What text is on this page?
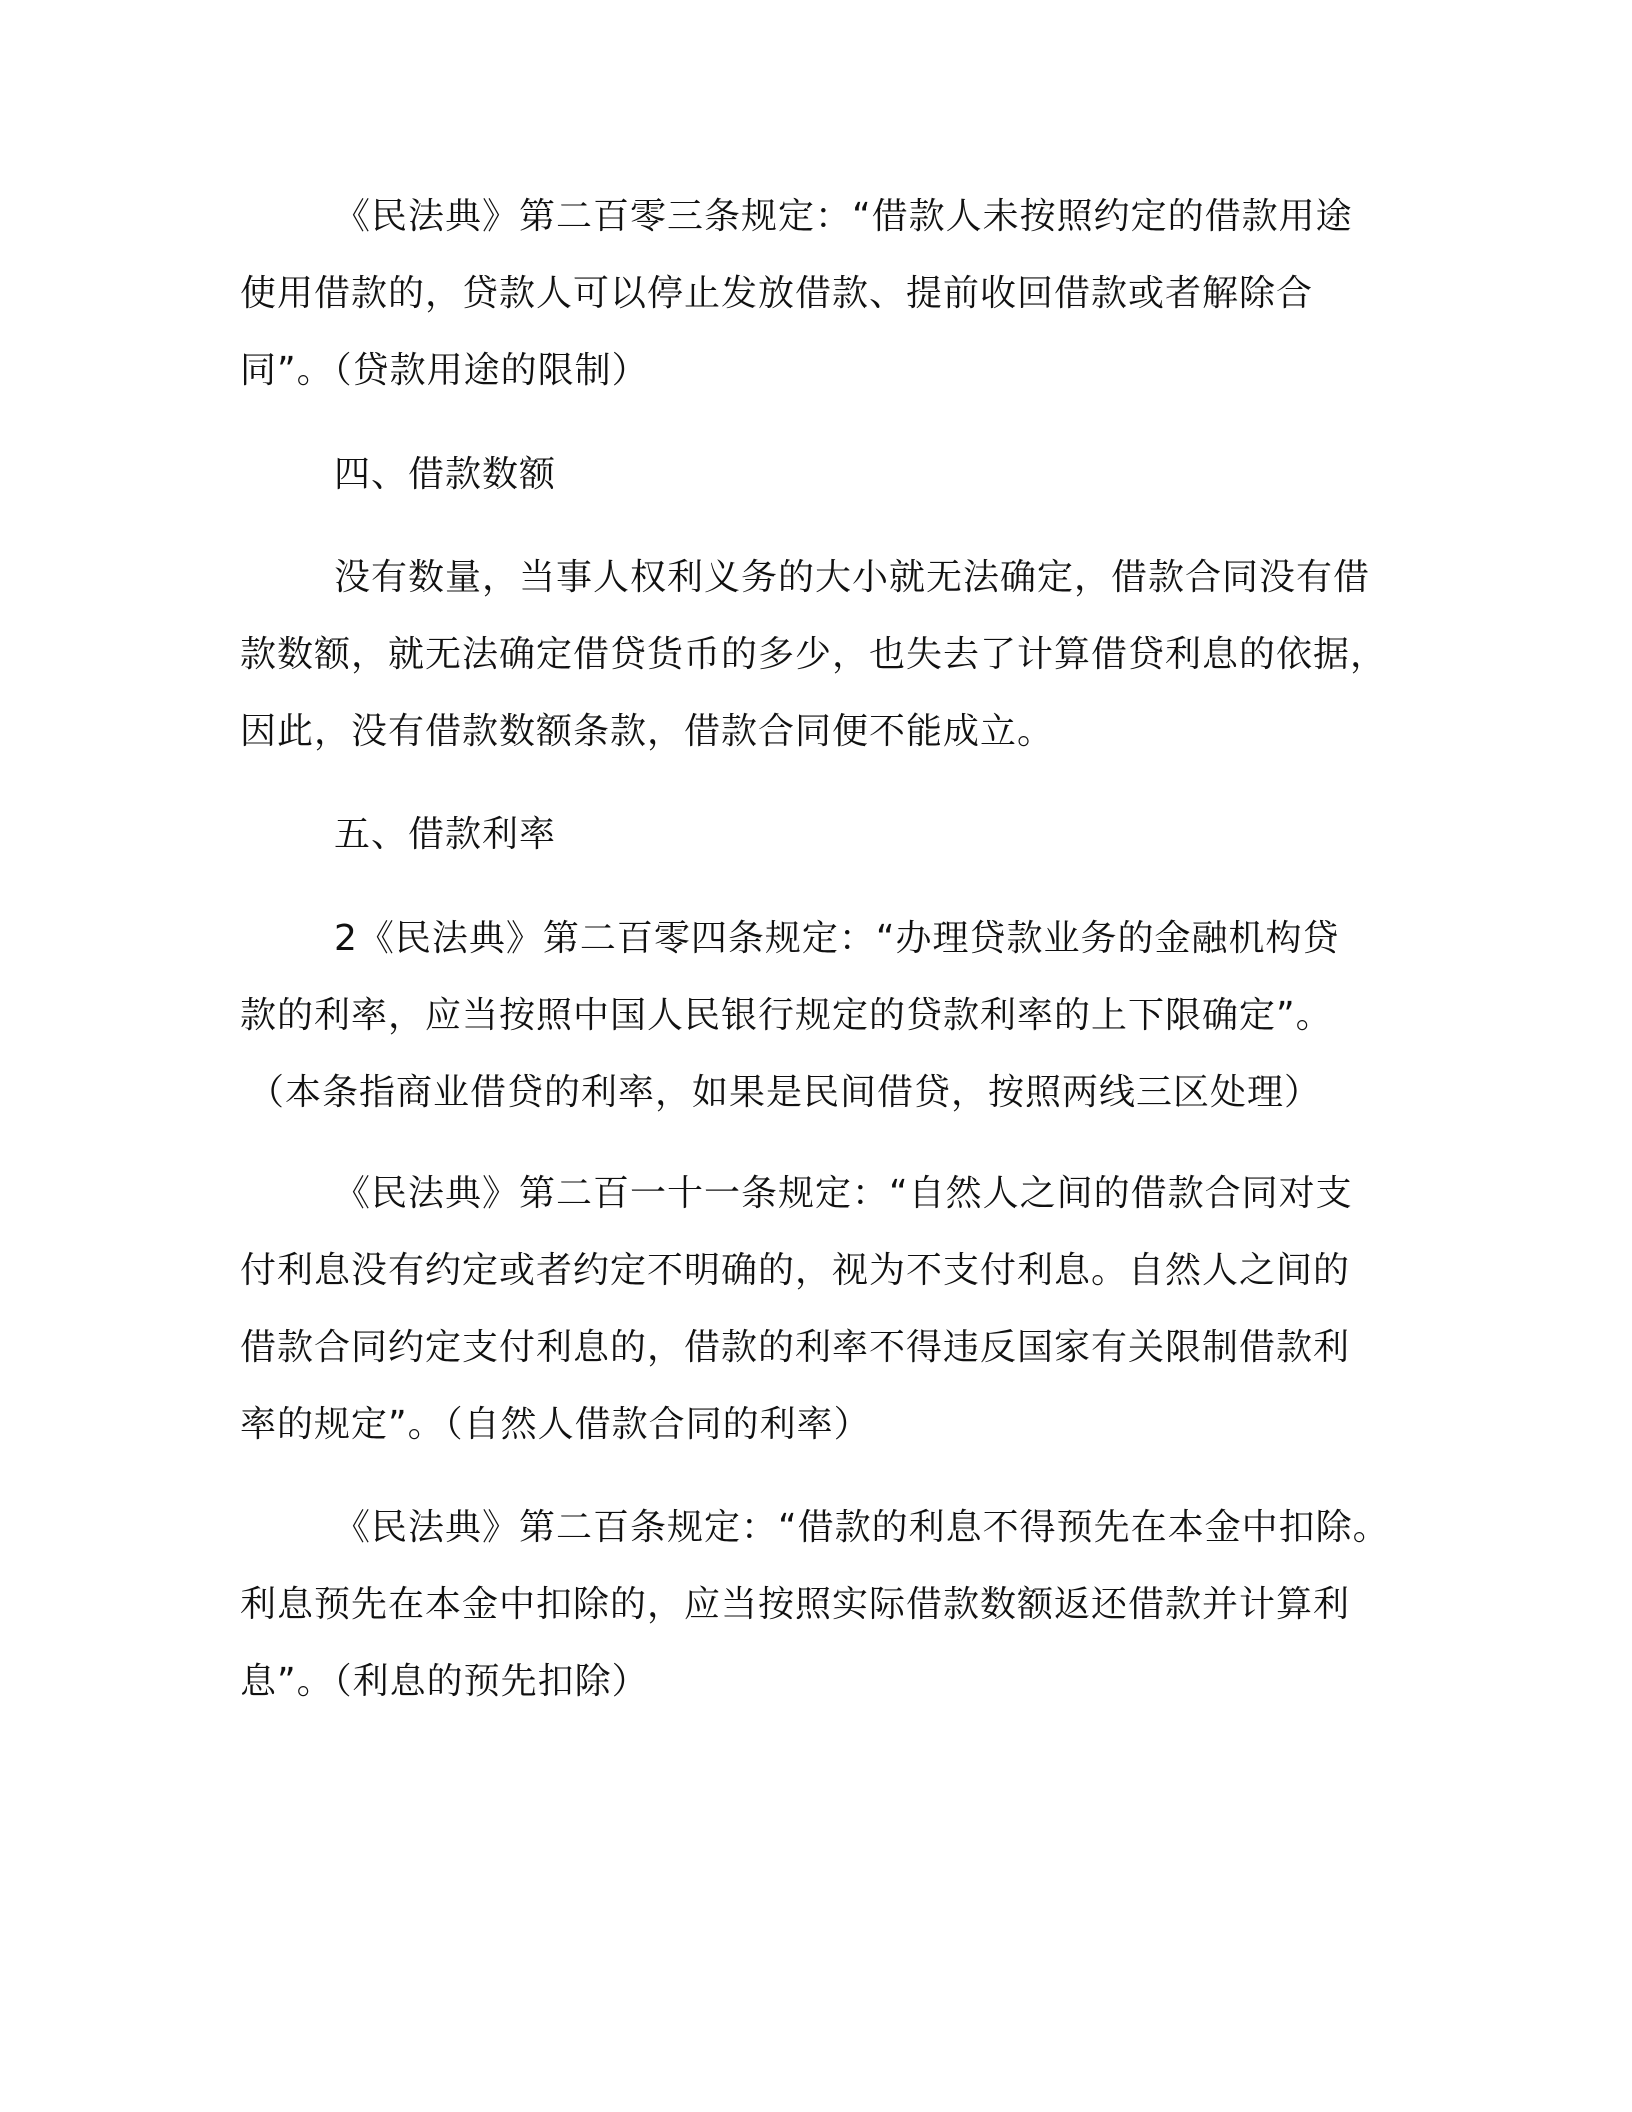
《民法典》第二百零三条规定：“借款人未按照约定的借款用途
使用借款的，贷款人可以停止发放借款、提前收回借款或者解除合
同”。（贷款用途的限制）
四、借款数额
没有数量，当事人权利义务的大小就无法确定，借款合同没有借
款数额，就无法确定借贷货币的多少，也失去了计算借贷利息的依据，
因此，没有借款数额条款，借款合同便不能成立。
五、借款利率
2《民法典》第二百零四条规定：“办理贷款业务的金融机构贷
款的利率，应当按照中国人民银行规定的贷款利率的上下限确定”。
（本条指商业借贷的利率，如果是民间借贷，按照两线三区处理）
《民法典》第二百一十一条规定：“自然人之间的借款合同对支
付利息没有约定或者约定不明确的，视为不支付利息。自然人之间的
借款合同约定支付利息的，借款的利率不得违反国家有关限制借款利
率的规定”。（自然人借款合同的利率）
《民法典》第二百条规定：“借款的利息不得预先在本金中扣除。
利息预先在本金中扣除的，应当按照实际借款数额返还借款并计算利
息”。（利息的预先扣除）
